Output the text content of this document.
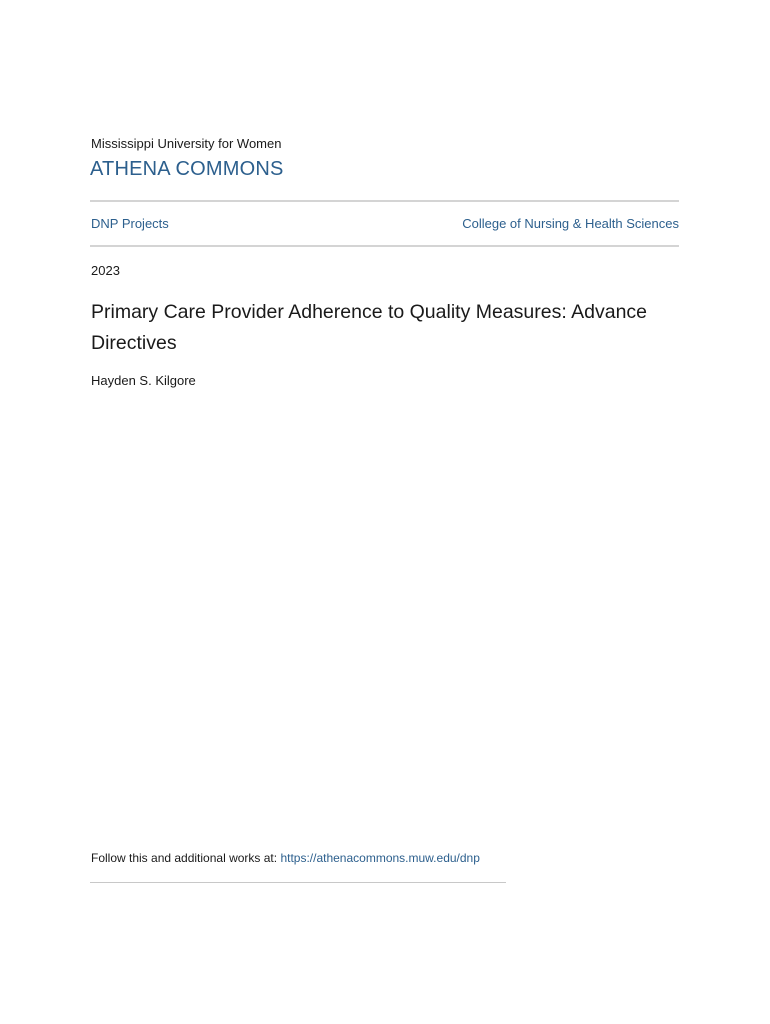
Mississippi University for Women
ATHENA COMMONS
DNP Projects	College of Nursing & Health Sciences
2023
Primary Care Provider Adherence to Quality Measures: Advance Directives
Hayden S. Kilgore
Follow this and additional works at: https://athenacommons.muw.edu/dnp
